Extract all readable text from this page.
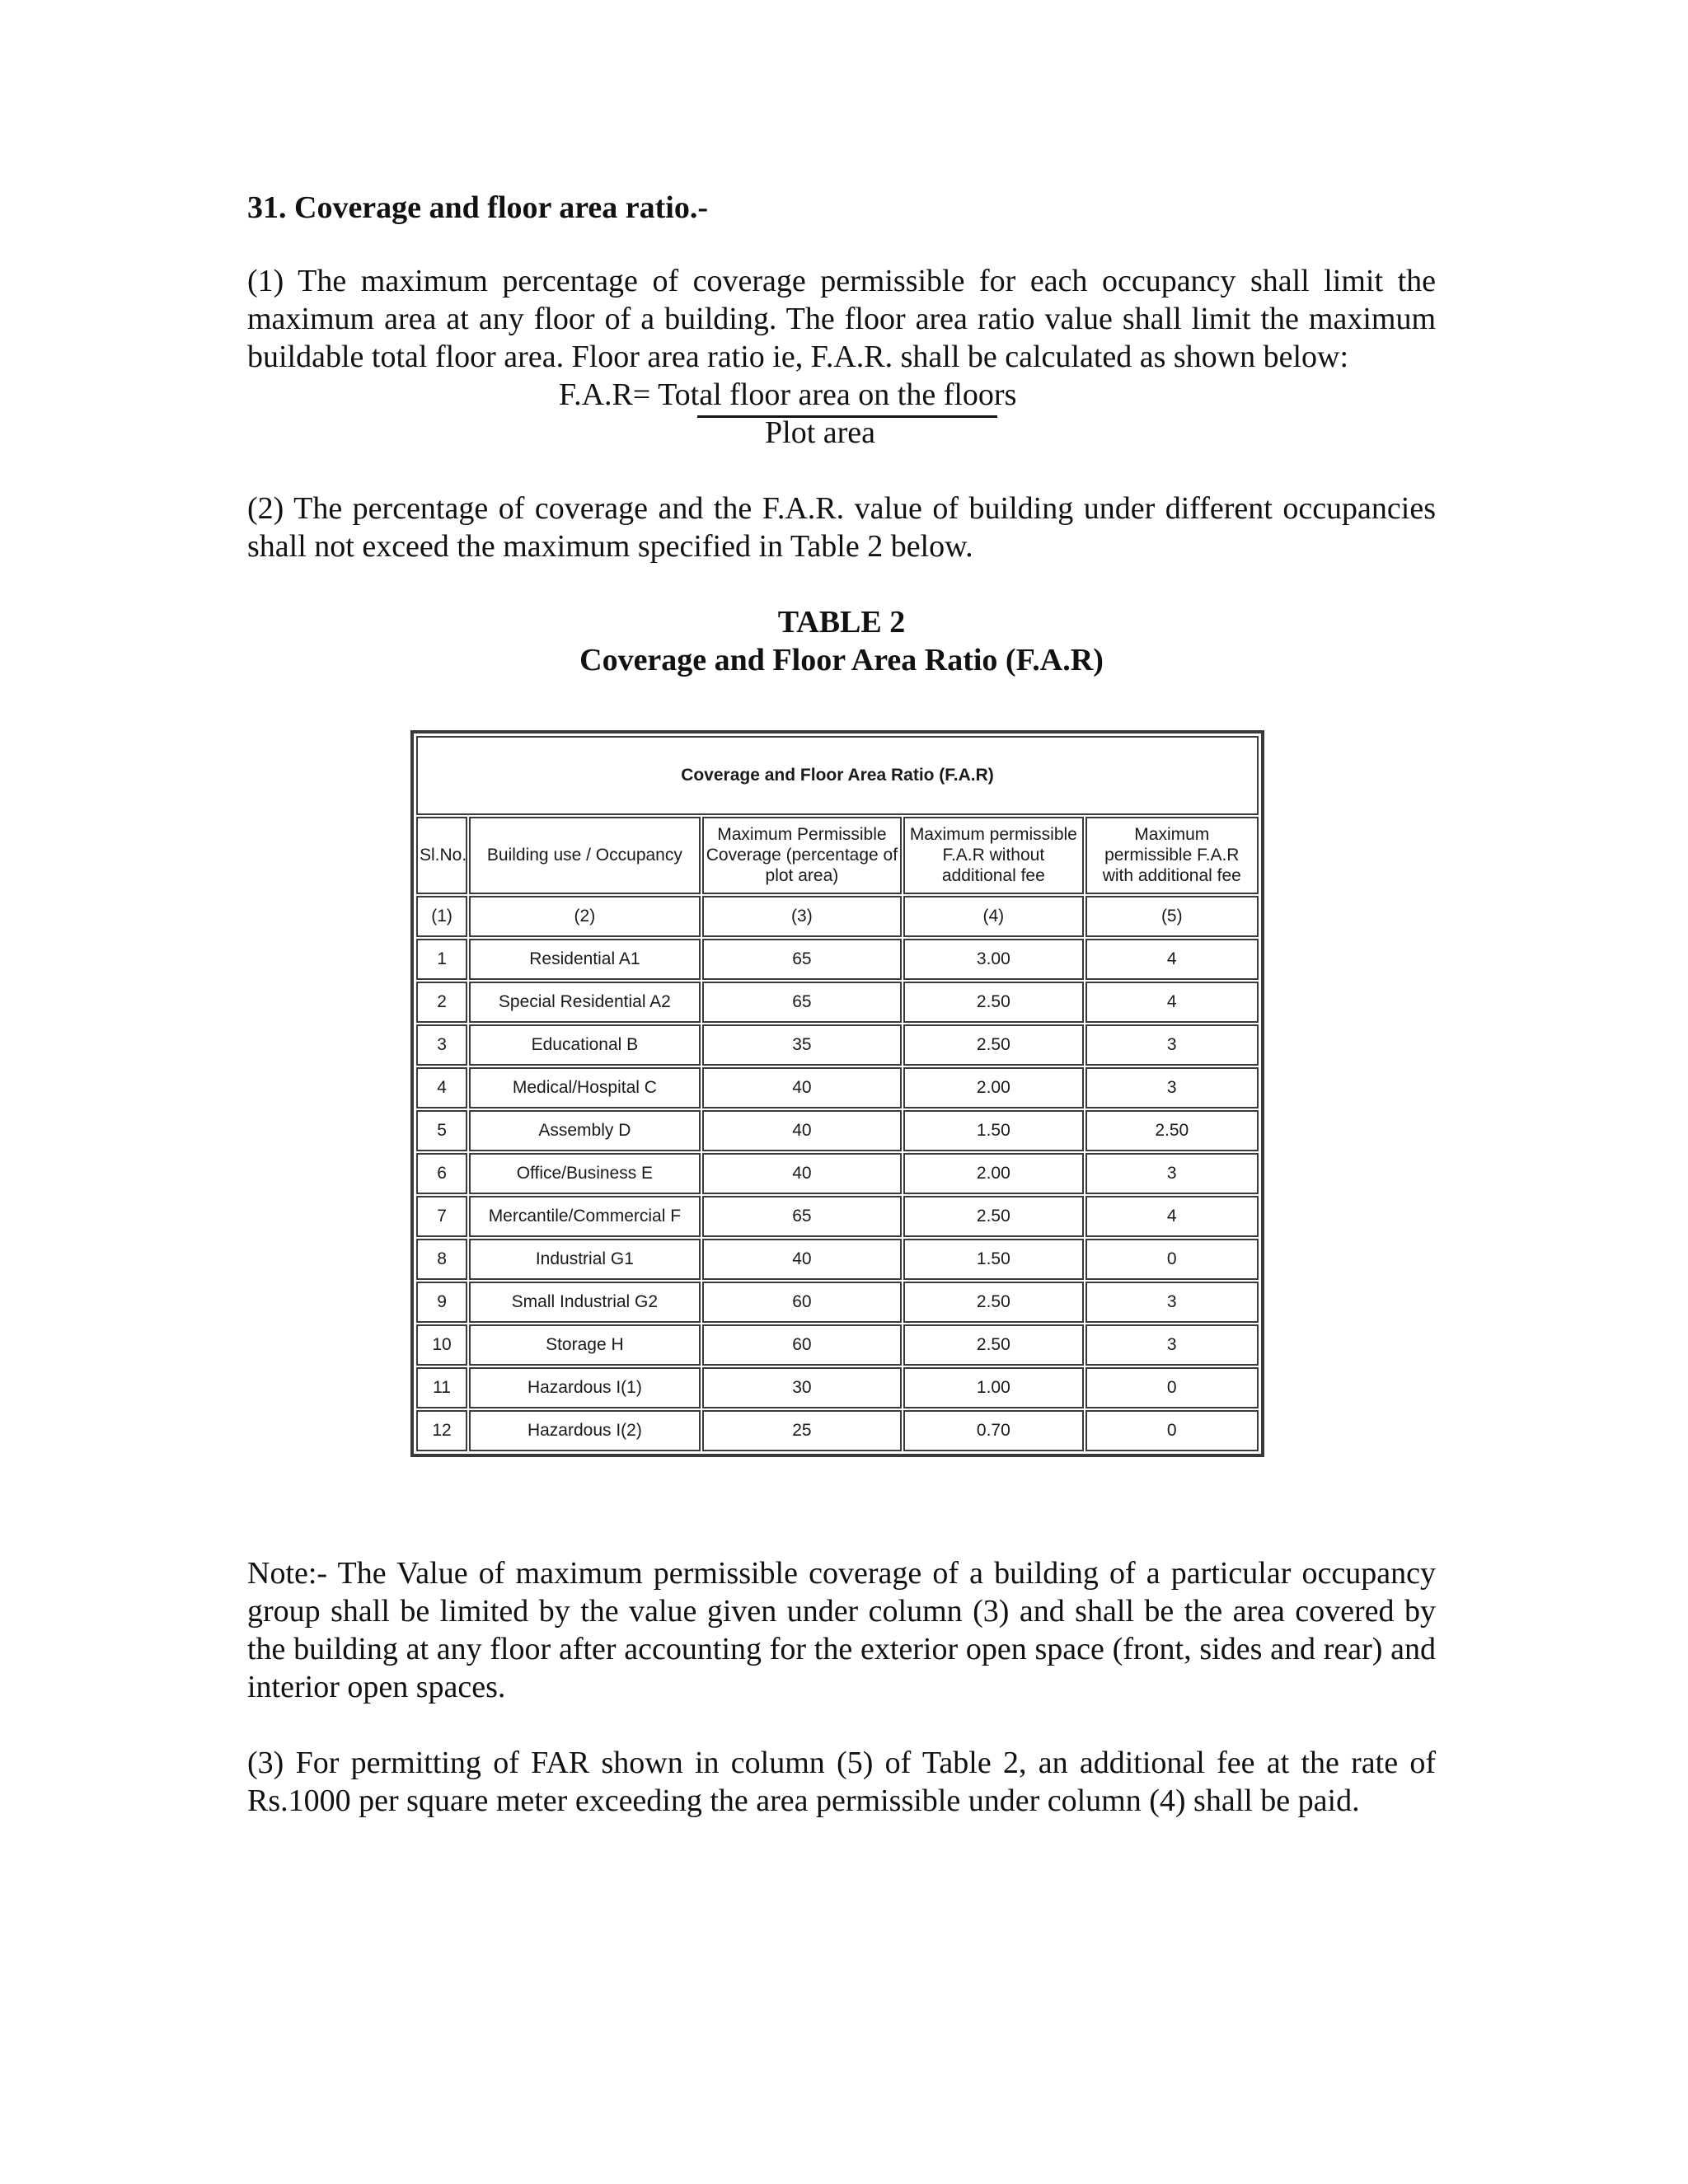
31. Coverage and floor area ratio.-

(1) The maximum percentage of coverage permissible for each occupancy shall limit the maximum area at any floor of a building. The floor area ratio value shall limit the maximum buildable total floor area. Floor area ratio ie, F.A.R. shall be calculated as shown below:

F.A.R= Total floor area on the floors
Plot area

(2) The percentage of coverage and the F.A.R. value of building under different occupancies shall not exceed the maximum specified in Table 2 below.

TABLE 2
Coverage and Floor Area Ratio (F.A.R)
Coverage and Floor Area Ratio (F.A.R)				
Sl.No.	Building use / Occupancy	Maximum Permissible Coverage (percentage of plot area)	Maximum permissible F.A.R without additional fee	Maximum permissible F.A.R with additional fee
(1)	(2)	(3)	(4)	(5)
1	Residential A1	65	3.00	4
2	Special Residential A2	65	2.50	4
3	Educational B	35	2.50	3
4	Medical/Hospital C	40	2.00	3
5	Assembly D	40	1.50	2.50
6	Office/Business E	40	2.00	3
7	Mercantile/Commercial F	65	2.50	4
8	Industrial G1	40	1.50	0
9	Small Industrial G2	60	2.50	3
10	Storage H	60	2.50	3
11	Hazardous I(1)	30	1.00	0
12	Hazardous I(2)	25	0.70	0

Note:- The Value of maximum permissible coverage of a building of a particular occupancy group shall be limited by the value given under column (3) and shall be the area covered by the building at any floor after accounting for the exterior open space (front, sides and rear) and interior open spaces.

(3) For permitting of FAR shown in column (5) of Table 2, an additional fee at the rate of Rs.1000 per square meter exceeding the area permissible under column (4) shall be paid.
